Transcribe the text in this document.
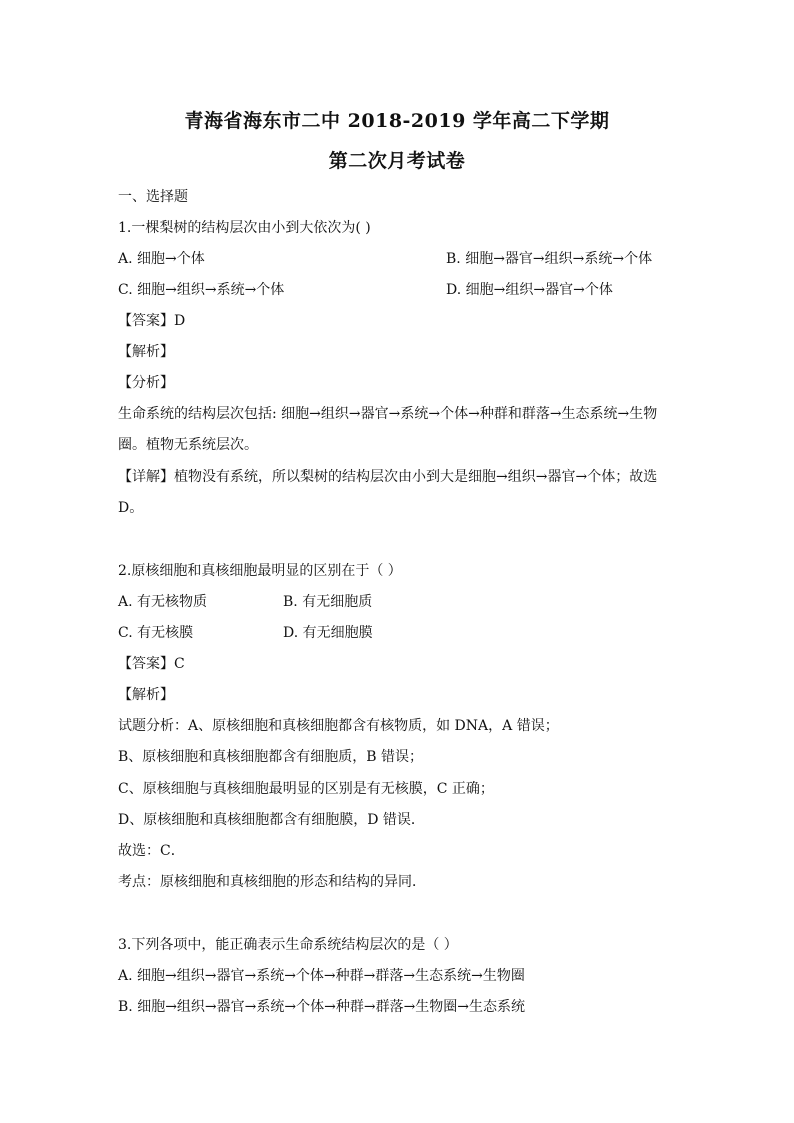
青海省海东市二中 2018-2019 学年高二下学期
第二次月考试卷
一、选择题
1.一棵梨树的结构层次由小到大依次为( )
A. 细胞→个体	B. 细胞→器官→组织→系统→个体
C. 细胞→组织→系统→个体	D. 细胞→组织→器官→个体
【答案】D
【解析】
【分析】
生命系统的结构层次包括: 细胞→组织→器官→系统→个体→种群和群落→生态系统→生物
圈。植物无系统层次。
【详解】植物没有系统，所以梨树的结构层次由小到大是细胞→组织→器官→个体；故选
D。
2.原核细胞和真核细胞最明显的区别在于（ ）
A. 有无核物质	B. 有无细胞质
C. 有无核膜	D. 有无细胞膜
【答案】C
【解析】
试题分析：A、原核细胞和真核细胞都含有核物质，如 DNA，A 错误；
B、原核细胞和真核细胞都含有细胞质，B 错误；
C、原核细胞与真核细胞最明显的区别是有无核膜，C 正确；
D、原核细胞和真核细胞都含有细胞膜，D 错误．
故选：C．
考点：原核细胞和真核细胞的形态和结构的异同．
3.下列各项中，能正确表示生命系统结构层次的是（ ）
A. 细胞→组织→器官→系统→个体→种群→群落→生态系统→生物圈
B. 细胞→组织→器官→系统→个体→种群→群落→生物圈→生态系统
